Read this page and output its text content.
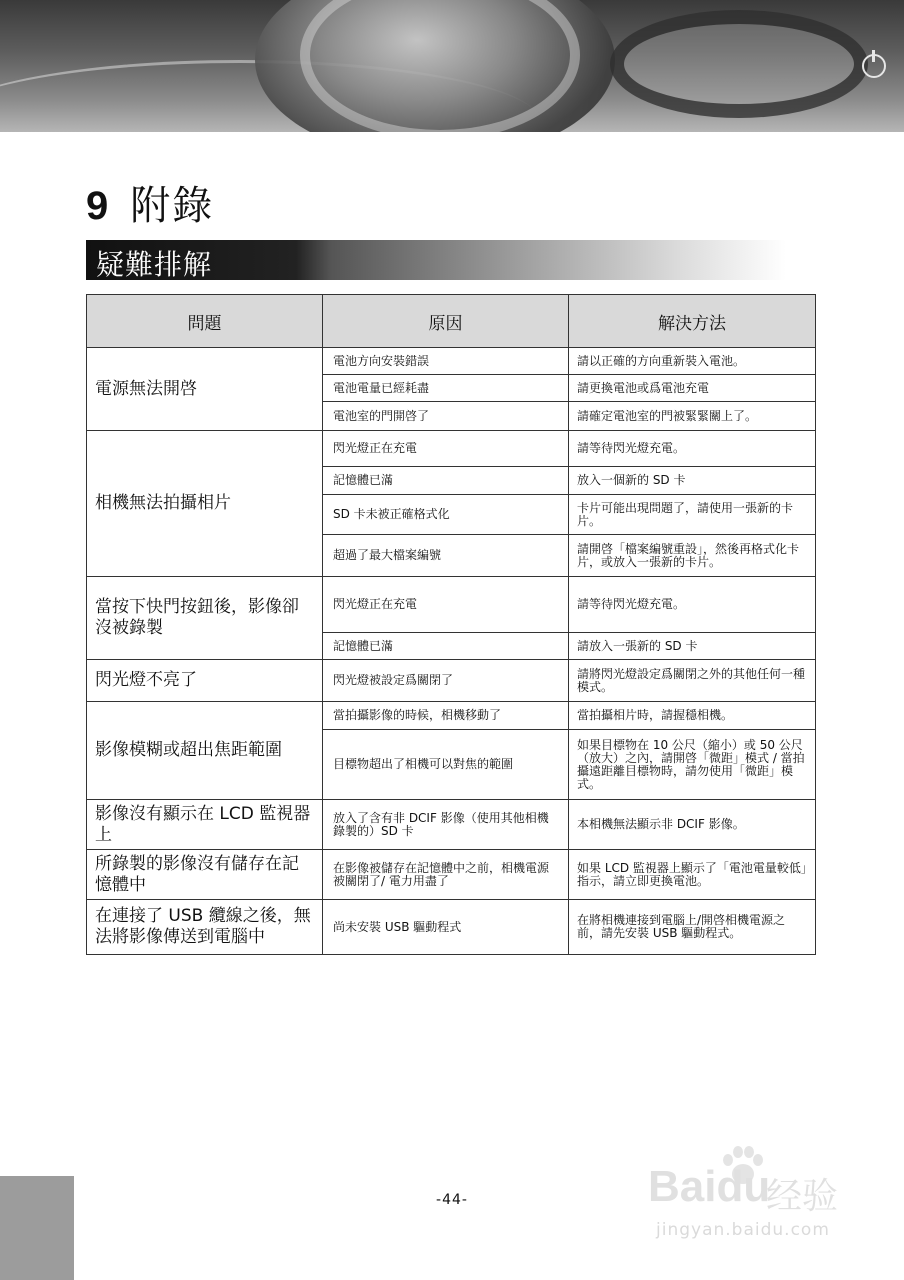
9 附錄
疑難排解
問題	原因	解決方法
電源無法開啓	電池方向安裝錯誤	請以正確的方向重新裝入電池。
	電池電量已經耗盡	請更換電池或爲電池充電
	電池室的門開啓了	請確定電池室的門被緊緊關上了。
相機無法拍攝相片	閃光燈正在充電	請等待閃光燈充電。
	記憶體已滿	放入一個新的 SD 卡
	SD 卡未被正確格式化	卡片可能出現問題了，請使用一張新的卡片。
	超過了最大檔案編號	請開啓「檔案編號重設」，然後再格式化卡片，或放入一張新的卡片。
當按下快門按鈕後，影像卻沒被錄製	閃光燈正在充電	請等待閃光燈充電。
	記憶體已滿	請放入一張新的 SD 卡
閃光燈不亮了	閃光燈被設定爲關閉了	請將閃光燈設定爲關閉之外的其他任何一種模式。
影像模糊或超出焦距範圍	當拍攝影像的時候，相機移動了	當拍攝相片時，請握穩相機。
	目標物超出了相機可以對焦的範圍	如果目標物在 10 公尺（縮小）或 50 公尺（放大）之內，請開啓「微距」模式 / 當拍攝遠距離目標物時，請勿使用「微距」模式。
影像沒有顯示在 LCD 監視器上	放入了含有非 DCIF 影像（使用其他相機錄製的）SD 卡	本相機無法顯示非 DCIF 影像。
所錄製的影像沒有儲存在記憶體中	在影像被儲存在記憶體中之前，相機電源被關閉了/ 電力用盡了	如果 LCD 監視器上顯示了「電池電量較低」指示，請立即更換電池。
在連接了 USB 纜線之後，無法將影像傳送到電腦中	尚未安裝 USB 驅動程式	在將相機連接到電腦上/開啓相機電源之前，請先安裝 USB 驅動程式。
-44-	Baidu
经验
jingyan.baidu.com
